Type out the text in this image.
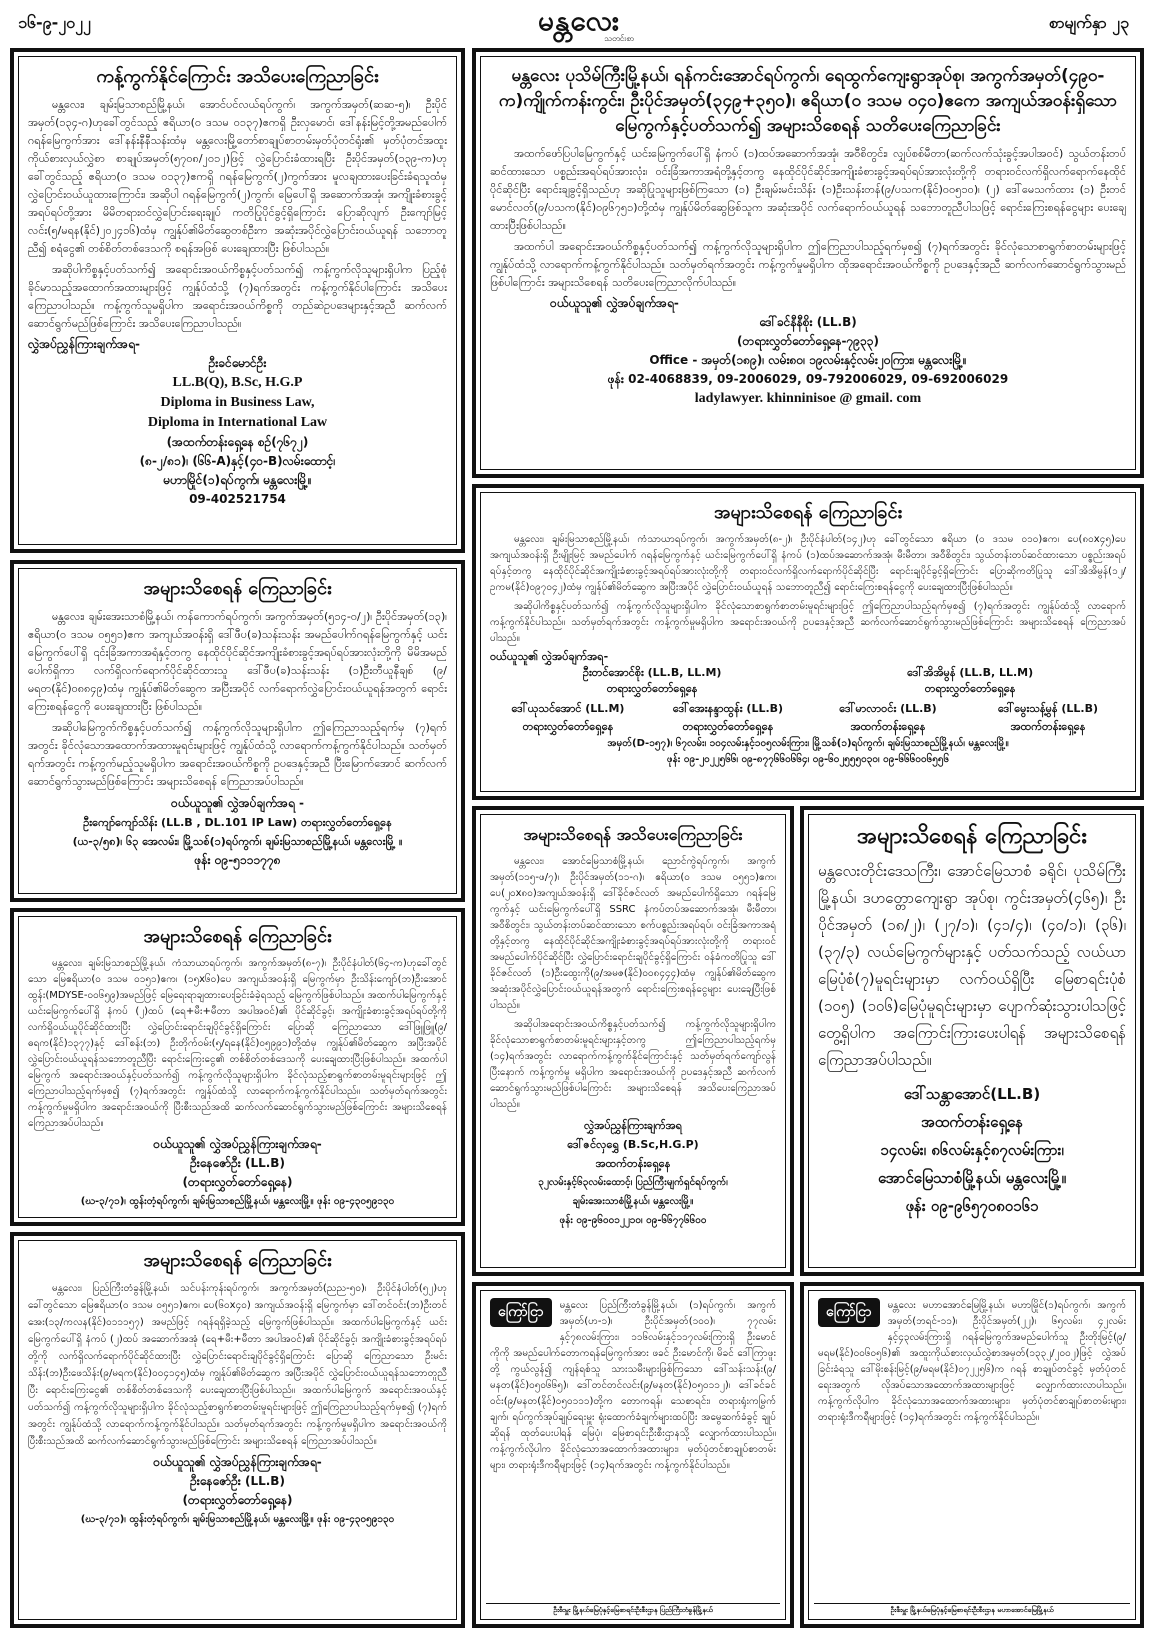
၁၆-၉-၂၀၂၂	မန္တလေး
သတင်းစာ
စာမျက်နှာ ၂၃
ကန့်ကွက်နိုင်ကြောင်း အသိပေးကြေညာခြင်း

မန္တလေး၊ ချမ်းမြသာစည်မြို့နယ်၊ အောင်ပင်လယ်ရပ်ကွက်၊ အကွက်အမှတ်(ဆဆ-၅)၊ ဦးပိုင်အမှတ်(၁၃၄-ဂ)ဟုခေါ်တွင်သည့် ဧရိယာ(၀ ဒသမ ၀၁၃၇)ဧကရှိ ဦးလှမောင်၊ ဒေါ်နန်းမြင့်တို့အမည်ပေါက် ဂရန်မြေကွက်အား ဒေါ်နန်းနီနီသန်းထံမှ မန္တလေးမြို့တော်စာချုပ်စာတမ်းမှတ်ပုံတင်ရုံး၏ မှတ်ပုံတင်အထူးကိုယ်စားလှယ်လွှဲစာ စာချုပ်အမှတ်(၅၇၀၈/၂၀၁၂)ဖြင့် လွှဲပြောင်းခံထားရပြီး ဦးပိုင်အမှတ်(၁၃၉-က)ဟုခေါ်တွင်သည့် ဧရိယာ(၀ ဒသမ ၀၁၃၇)ဧကရှိ ဂရန်မြေကွက်(၂)ကွက်အား မူလချထားပေးခြင်းခံရသူထံမှ လွှဲပြောင်းဝယ်ယူထားကြောင်း၊ အဆိုပါ ဂရန်မြေကွက်(၂)ကွက်၊ မြေပေါ်ရှိ အဆောက်အအုံ၊ အကျိုးခံစားခွင့်အရပ်ရပ်တို့အား မိမိတရားဝင်လွှဲပြောင်းရေးချုပ် ကတိပြုပိုင်ခွင့်ရှိကြောင်း ပြောဆိုလျက် ဦးကျော်မြင့်လင်း(၅/မရန(နိုင်)၂၀၂၄၁၆)ထံမှ ကျွန်ုပ်၏မိတ်ဆွေတစ်ဦးက အဆုံးအပိုင်လွှဲပြောင်းဝယ်ယူရန် သဘောတူညီ၍ စရံငွေ၏ တစ်စိတ်တစ်ဒေသကို စရန်အဖြစ် ပေးချေထားပြီး ဖြစ်ပါသည်။

အဆိုပါကိစ္စနှင့်ပတ်သက်၍ အရောင်းအဝယ်ကိစ္စနှင့်ပတ်သက်၍ ကန့်ကွက်လိုသူများရှိပါက ပြည့်စုံခိုင်မာသည့်အထောက်အထားများဖြင့် ကျွန်ုပ်ထံသို့ (၇)ရက်အတွင်း ကန့်ကွက်နိုင်ပါကြောင်း အသိပေးကြေညာပါသည်။ ကန့်ကွက်သူမရှိပါက အရောင်းအဝယ်ကိစ္စကို တည်ဆဲဥပဒေများနှင့်အညီ ဆက်လက်ဆောင်ရွက်မည်ဖြစ်ကြောင်း အသိပေးကြေညာပါသည်။

လွှဲအပ်ညွှန်ကြားချက်အရ-
ဦးခင်မောင်ဦး
LL.B(Q), B.Sc, H.G.P
Diploma in Business Law,
Diploma in International Law
(အထက်တန်းရှေ့နေ စဥ်(၇၆၇၂)
(၈-၂/၈၁)၊ (၆၆-A)နှင့်(၄၀-B)လမ်းထောင့်၊
မဟာမြိုင်(၁)ရပ်ကွက်၊ မန္တလေးမြို့။
09-402521754
မန္တလေး ပုသိမ်ကြီးမြို့နယ်၊ ရန်ကင်းအောင်ရပ်ကွက်၊ ရေထွက်ကျေးရွာအုပ်စု၊ အကွက်အမှတ်(၄၉၀-က)ကျိုက်ကန်းကွင်း၊ ဦးပိုင်အမှတ်(၃၄၉+၃၅၀)၊ ဧရိယာ(၀ ဒသမ ၀၄၀)ဧကေ အကျယ်အဝန်းရှိသော မြေကွက်နှင့်ပတ်သက်၍ အများသိစေရန် သတိပေးကြေညာခြင်း

အထက်ဖော်ပြပါမြေကွက်နှင့် ယင်းမြေကွက်ပေါ်ရှိ နံကပ် (၁)ထပ်အဆောက်အအုံ၊ အဝီစိတွင်း၊ လျှပ်စစ်မီတာ(ဆက်လက်သုံးခွင့်အပါအဝင်) သွယ်တန်းတပ်ဆင်ထားသော ပစ္စည်းအရပ်ရပ်အားလုံး၊ ဝင်းခြံအကာအရံတို့နှင့်တကွ နေထိုင်ပိုင်ဆိုင်အကျိုးခံစားခွင့်အရပ်ရပ်အားလုံးတို့ကို တရားဝင်လက်ရှိလက်ရောက်နေထိုင်ပိုင်ဆိုင်ပြီး ရောင်းချခွင့်ရှိသည်ဟု အဆိုပြုသူများဖြစ်ကြသော (၁) ဦးချမ်းမင်းသိန်း (၁)ဦးသန်းတန်(၉/ပသက(နိုင်)၀၀၅၁၀)၊ (၂) ဒေါ်မေသက်ထား (၁) ဦးတင်မောင်လတ်(၉/ပသက(နိုင်)၀၉၆၇၅၁)တို့ထံမှ ကျွန်ုပ်မိတ်ဆွေဖြစ်သူက အဆုံးအပိုင် လက်ရောက်ဝယ်ယူရန် သဘောတူညီပါသဖြင့် ရောင်းကြေးစရန်ငွေများ ပေးချေထားပြီးဖြစ်ပါသည်။

အထက်ပါ အရောင်းအဝယ်ကိစ္စနှင့်ပတ်သက်၍ ကန့်ကွက်လိုသူများရှိပါက ဤကြေညာပါသည့်ရက်မှစ၍ (၇)ရက်အတွင်း ခိုင်လုံသောစာရွက်စာတမ်းများဖြင့် ကျွန်ုပ်ထံသို့ လာရောက်ကန့်ကွက်နိုင်ပါသည်။ သတ်မှတ်ရက်အတွင်း ကန့်ကွက်မှုမရှိပါက ထိုအရောင်းအဝယ်ကိစ္စကို ဥပဒေနှင့်အညီ ဆက်လက်ဆောင်ရွက်သွားမည်ဖြစ်ပါကြောင်း အများသိစေရန် သတိပေးကြေညာလိုက်ပါသည်။

ဝယ်ယူသူ၏ လွှဲအပ်ချက်အရ-
ဒေါ်ခင်နီနီစိုး (LL.B)
(တရားလွှတ်တော်ရှေ့နေ-၇၉၃၃)
Office - အမှတ်(၁၈၉)၊ လမ်း၈၀၊ ၁၉လမ်းနှင့်လမ်း၂၀ကြား၊ မန္တလေးမြို့။
ဖုန်း 02-4068839, 09-2006029, 09-792006029, 09-692006029
ladylawyer. khinninisoe @ gmail. com
အများသိစေရန် ကြေညာခြင်း

မန္တလေး၊ ချမ်းအေးသာစံမြို့နယ်၊ ကန်ကောက်ရပ်ကွက်၊ အကွက်အမှတ်(၅၁၄-ဝ/၂)၊ ဦးပိုင်အမှတ်(၁၃)၊ ဧရိယာ(၀ ဒသမ ၀၅၅၁)ဧက အကျယ်အဝန်းရှိ ဒေါ်ဖီပ(ခ)သန်းသန်း အမည်ပေါက်ဂရန်မြေကွက်နှင့် ယင်းမြေကွက်ပေါ်ရှိ ၎င်းခြံအကာအရံနှင့်တကွ နေထိုင်ပိုင်ဆိုင်အကျိုးခံစားခွင့်အရပ်ရပ်အားလုံးတို့ကို မိမိအမည်ပေါက်ရှိကာ လက်ရှိလက်ရောက်ပိုင်ဆိုင်ထားသူ ဒေါ်ဖီပ(ခ)သန်းသန်း (၁)ဦးတီယူနီချစ် (၉/မရတ(နိုင်)၀၈၈၄၉)ထံမှ ကျွန်ုပ်၏မိတ်ဆွေက အပြီးအပိုင် လက်ရောက်လွှဲပြောင်းဝယ်ယူရန်အတွက် ရောင်းကြေးစရန်ငွေကို ပေးချေထားပြီး ဖြစ်ပါသည်။

အဆိုပါမြေကွက်ကိစ္စနှင့်ပတ်သက်၍ ကန့်ကွက်လိုသူများရှိပါက ဤကြေညာသည့်ရက်မှ (၇)ရက်အတွင်း ခိုင်လုံသောအထောက်အထားမူရင်းများဖြင့် ကျွန်ုပ်ထံသို့ လာရောက်ကန့်ကွက်နိုင်ပါသည်။ သတ်မှတ်ရက်အတွင်း ကန့်ကွက်မည့်သူမရှိပါက အရောင်းအဝယ်ကိစ္စကို ဥပဒေနှင့်အညီ ပြီးမြောက်အောင် ဆက်လက်ဆောင်ရွက်သွားမည်ဖြစ်ကြောင်း အများသိစေရန် ကြေညာအပ်ပါသည်။

ဝယ်ယူသူ၏ လွှဲအပ်ချက်အရ -
ဦးကျော်ကျော်သိန်း (LL.B , DL.101 IP Law) တရားလွှတ်တော်ရှေ့နေ
(ယ-၃/၅၈)၊ ၆၃ အေလမ်း၊ မြို့သစ်(၁)ရပ်ကွက်၊ ချမ်းမြသာစည်မြို့နယ်၊ မန္တလေးမြို့ ။
ဖုန်း ၀၉-၅၁၁၁၇၇၈
အများသိစေရန် ကြေညာခြင်း

မန္တလေး၊ ချမ်းမြသာစည်မြို့နယ်၊ ကံသာယာရပ်ကွက်၊ အကွက်အမှတ်(၈-၇)၊ ဦးပိုင်နံပါတ်(၆၄-က)ဟုခေါ်တွင်သော မြေဧရိယာ(၀ ဒသမ ၀၁၅၁)ဧက၊ (၁၅x၆၀)ပေ အကျယ်အဝန်းရှိ မြေကွက်မှာ ဦးသိန်းကျော်(ဘ)ဦးအောင်ထွန်း(MDYSE-၀၀၆၅၉)အမည်ဖြင့် မြေရေးရာချထားပေးခြင်းခံခဲ့ရသည့် မြေကွက်ဖြစ်ပါသည်။ အထက်ပါမြေကွက်နှင့် ယင်းမြေကွက်ပေါ်ရှိ နံကပ် (၂)ထပ် (ရေ+မီး+မီတာ အပါအဝင်)၏ ပိုင်ဆိုင်ခွင့်၊ အကျိုးခံစားခွင့်အရပ်ရပ်တို့ကို လက်ရှိဝယ်ယူပိုင်ဆိုင်ထားပြီး လွှဲပြောင်းရောင်းချပိုင်ခွင့်ရှိကြောင်း ပြောဆို ကြေညာသော ဒေါ်ဖြူဖြူ(၉/ဓရက(နိုင်)၁၃၇၇)နှင့် ဒေါ်စန်း(ဘ) ဦးတိုက်ဝမ်း(၅/ရနေ(နိုင်)၀၅၉၉၁)တို့ထံမှ ကျွန်ုပ်၏မိတ်ဆွေက အပြီးအပိုင် လွှဲပြောင်းဝယ်ယူရန်သဘောတူညီပြီး ရောင်းကြေးငွေ၏ တစ်စိတ်တစ်ဒေသကို ပေးချေထားပြီးဖြစ်ပါသည်။ အထက်ပါမြေကွက် အရောင်းအဝယ်နှင့်ပတ်သက်၍ ကန့်ကွက်လိုသူများရှိပါက ခိုင်လုံသည့်စာရွက်စာတမ်းမူရင်းများဖြင့် ဤကြေညာပါသည့်ရက်မှစ၍ (၇)ရက်အတွင်း ကျွန်ုပ်ထံသို့ လာရောက်ကန့်ကွက်နိုင်ပါသည်။ သတ်မှတ်ရက်အတွင်း ကန့်ကွက်မှုမရှိပါက အရောင်းအဝယ်ကို ပြီးစီးသည်အထိ ဆက်လက်ဆောင်ရွက်သွားမည်ဖြစ်ကြောင်း အများသိစေရန် ကြေညာအပ်ပါသည်။

ဝယ်ယူသူ၏ လွှဲအပ်ညွှန်ကြားချက်အရ-
ဦးနေဇော်ဦး (LL.B)
(တရားလွှတ်တော်ရှေ့နေ)
(ဃ-၃/၇၁)၊ ထွန်းတံ့ရပ်ကွက်၊ ချမ်းမြသာစည်မြို့နယ်၊ မန္တလေးမြို့။ ဖုန်း ၀၉-၄၃၀၅၉၁၃၀
အများသိစေရန် ကြေညာခြင်း

မန္တလေး၊ ပြည်ကြီးတံခွန်မြို့နယ်၊ သင်ပန်းကုန်းရပ်ကွက်၊ အကွက်အမှတ်(ညည-၅၀)၊ ဦးပိုင်နံပါတ်(၅၂)ဟုခေါ်တွင်သော မြေဧရိယာ(၀ ဒသမ ၀၅၅၁)ဧက၊ ပေ(၆၀x၄၀) အကျယ်အဝန်းရှိ မြေကွက်မှာ ဒေါ်တင်ဝင်း(ဘ)ဦးတင်အေး(၁၃/ကလန(နိုင်)၀၁၁၁၅၇) အမည်ဖြင့် ဂရန်ရရှိခဲ့သည့် မြေကွက်ဖြစ်ပါသည်။ အထက်ပါမြေကွက်နှင့် ယင်းမြေကွက်ပေါ်ရှိ နံကပ် (၂)ထပ် အဆောက်အအုံ (ရေ+မီး+မီတာ အပါအဝင်)၏ ပိုင်ဆိုင်ခွင့်၊ အကျိုးခံစားခွင့်အရပ်ရပ်တို့ကို လက်ရှိလက်ရောက်ပိုင်ဆိုင်ထားပြီး လွှဲပြောင်းရောင်းချပိုင်ခွင့်ရှိကြောင်း ပြောဆို ကြေညာသော ဦးမင်းသိန်း(ဘ)ဦးဖေသိန်း(၉/မရက(နိုင်)၀၀၄၁၄၅)ထံမှ ကျွန်ုပ်၏မိတ်ဆွေက အပြီးအပိုင် လွှဲပြောင်းဝယ်ယူရန်သဘောတူညီပြီး ရောင်းကြေးငွေ၏ တစ်စိတ်တစ်ဒေသကို ပေးချေထားပြီးဖြစ်ပါသည်။ အထက်ပါမြေကွက် အရောင်းအဝယ်နှင့်ပတ်သက်၍ ကန့်ကွက်လိုသူများရှိပါက ခိုင်လုံသည့်စာရွက်စာတမ်းမူရင်းများဖြင့် ဤကြေညာပါသည့်ရက်မှစ၍ (၇)ရက်အတွင်း ကျွန်ုပ်ထံသို့ လာရောက်ကန့်ကွက်နိုင်ပါသည်။ သတ်မှတ်ရက်အတွင်း ကန့်ကွက်မှုမရှိပါက အရောင်းအဝယ်ကို ပြီးစီးသည်အထိ ဆက်လက်ဆောင်ရွက်သွားမည်ဖြစ်ကြောင်း အများသိစေရန် ကြေညာအပ်ပါသည်။

ဝယ်ယူသူ၏ လွှဲအပ်ညွှန်ကြားချက်အရ-
ဦးနေဇော်ဦး (LL.B)
(တရားလွှတ်တော်ရှေ့နေ)
(ဃ-၃/၇၁)၊ ထွန်းတံ့ရပ်ကွက်၊ ချမ်းမြသာစည်မြို့နယ်၊ မန္တလေးမြို့။ ဖုန်း ၀၉-၄၃၀၅၉၁၃၀
အများသိစေရန် ကြေညာခြင်း

မန္တလေး၊ ချမ်းမြသာစည်မြို့နယ်၊ ကံသာယာရပ်ကွက်၊ အကွက်အမှတ်(၈-၂)၊ ဦးပိုင်နံပါတ်(၁၄၂)ဟု ခေါ်တွင်သော ဧရိယာ (၀ ဒသမ ၀၁၀)ဧက၊ ပေ(၈၀x၄၅)ပေ အကျယ်အဝန်းရှိ ဦးမျိုးမြင့် အမည်ပေါက် ဂရန်မြေကွက်နှင့် ယင်းမြေကွက်ပေါ်ရှိ နံကပ် (၁)ထပ်အဆောက်အအုံ၊ မီးမီတာ၊ အဝီစိတွင်း၊ သွယ်တန်းတပ်ဆင်ထားသော ပစ္စည်းအရပ်ရပ်နှင့်တကွ နေထိုင်ပိုင်ဆိုင်အကျိုးခံစားခွင့်အရပ်ရပ်အားလုံးတို့ကို တရားဝင်လက်ရှိလက်ရောက်ပိုင်ဆိုင်ပြီး ရောင်းချပိုင်ခွင့်ရှိကြောင်း ပြောဆိုကတိပြုသူ ဒေါ်အိအိမွန်(၁၂/ဥကမ(နိုင်)၀၉၇၀၄၂)ထံမှ ကျွန်ုပ်၏မိတ်ဆွေက အပြီးအပိုင် လွှဲပြောင်းဝယ်ယူရန် သဘောတူညီ၍ ရောင်းကြေးစရန်ငွေကို ပေးချေထားပြီးဖြစ်ပါသည်။

အဆိုပါကိစ္စနှင့်ပတ်သက်၍ ကန့်ကွက်လိုသူများရှိပါက ခိုင်လုံသောစာရွက်စာတမ်းမူရင်းများဖြင့် ဤကြေညာပါသည့်ရက်မှစ၍ (၇)ရက်အတွင်း ကျွန်ုပ်ထံသို့ လာရောက်ကန့်ကွက်နိုင်ပါသည်။ သတ်မှတ်ရက်အတွင်း ကန့်ကွက်မှုမရှိပါက အရောင်းအဝယ်ကို ဥပဒေနှင့်အညီ ဆက်လက်ဆောင်ရွက်သွားမည်ဖြစ်ကြောင်း အများသိစေရန် ကြေညာအပ်ပါသည်။

ဝယ်ယူသူ၏ လွှဲအပ်ချက်အရ-
ဦးတင်အောင်စိုး (LL.B, LL.M)
တရားလွှတ်တော်ရှေ့နေ
ဒေါ်အိအိမွန် (LL.B, LL.M)
တရားလွှတ်တော်ရှေ့နေ
ဒေါ်ယုသင်အောင် (LL.M)	ဒေါ်အေးနန္ဒာထွန်း (LL.B)	ဒေါ်မာလာဝင်း (LL.B)	ဒေါ်မွေးသန့်မွန် (LL.B)
တရားလွှတ်တော်ရှေ့နေ	တရားလွှတ်တော်ရှေ့နေ	အထက်တန်းရှေ့နေ	အထက်တန်းရှေ့နေ
အမှတ်(D-၁၅၇)၊ ၆၇လမ်း၊ ၁၀၄လမ်းနှင့်၁၀၅လမ်းကြား၊ မြို့သစ်(၁)ရပ်ကွက်၊ ချမ်းမြသာစည်မြို့နယ်၊ မန္တလေးမြို့။
ဖုန်း ၀၉-၂၀၂၂၅၆၆၊ ၀၉-၈၇၇၆၆၀၆၆၄၊ ၀၉-၆၀၂၅၅၅၀၃၀၊ ၀၉-၆၆၆၀၀၆၅၅၆
အများသိစေရန် အသိပေးကြေညာခြင်း

မန္တလေး၊ အောင်မြေသာစံမြို့နယ်၊ ညောင်ကွဲရပ်ကွက်၊ အကွက်အမှတ်(၁၁၅-ဖ/၇)၊ ဦးပိုင်အမှတ်(၁၁-ဂ)၊ ဧရိယာ(၀ ဒသမ ၀၅၅၁)ဧက၊ ပေ(၂၀x၈၀)အကျယ်အဝန်းရှိ ဒေါ်ခိုင်ဇင်လတ် အမည်ပေါက်ရှိသော ဂရန်မြေကွက်နှင့် ယင်းမြေကွက်ပေါ်ရှိ SSRC နံကပ်တပ်အဆောက်အအုံ၊ မီးမီတာ၊ အဝီစိတွင်း၊ သွယ်တန်းတပ်ဆင်ထားသော စက်ပစ္စည်းအရပ်ရပ်၊ ဝင်းခြံအကာအရံတို့နှင့်တကွ နေထိုင်ပိုင်ဆိုင်အကျိုးခံစားခွင့်အရပ်ရပ်အားလုံးတို့ကို တရားဝင်အမည်ပေါက်ပိုင်ဆိုင်ပြီး လွှဲပြောင်းရောင်းချပိုင်ခွင့်ရှိကြောင်း ဝန်ခံကတိပြုသူ ဒေါ်ခိုင်ဇင်လတ် (၁)ဦးထွေးကို(၉/အမဇ(နိုင်)၀၀၈၄၄၄)ထံမှ ကျွန်ုပ်၏မိတ်ဆွေက အဆုံးအပိုင်လွှဲပြောင်းဝယ်ယူရန်အတွက် ရောင်းကြေးစရန်ငွေများ ပေးချေပြီးဖြစ်ပါသည်။

အဆိုပါအရောင်းအဝယ်ကိစ္စနှင့်ပတ်သက်၍ ကန့်ကွက်လိုသူများရှိပါက ခိုင်လုံသောစာရွက်စာတမ်းမူရင်းများနှင့်တကွ ဤကြေညာပါသည့်ရက်မှ (၁၄)ရက်အတွင်း လာရောက်ကန့်ကွက်နိုင်ကြောင်းနှင့် သတ်မှတ်ရက်ကျော်လွန်ပြီးနောက် ကန့်ကွက်မှု မရှိပါက အရောင်းအဝယ်ကို ဥပဒေနှင့်အညီ ဆက်လက်ဆောင်ရွက်သွားမည်ဖြစ်ပါကြောင်း အများသိစေရန် အသိပေးကြေညာအပ်ပါသည်။

လွှဲအပ်ညွှန်ကြားချက်အရ
ဒေါ်ဇင်လှရွှေ (B.Sc,H.G.P)
အထက်တန်းရှေ့နေ
၃၂လမ်းနှင့်၆၃လမ်းထောင့်၊ ပြည်ကြီးမျက်ရှင်ရပ်ကွက်၊
ချမ်းအေးသာစံမြို့နယ်၊ မန္တလေးမြို့။
ဖုန်း ၀၉-၉၆၀၀၁၂၂၁၀၊ ၀၉-၆၆၇၇၆၆၀၀
အများသိစေရန် ကြေညာခြင်း
မန္တလေးတိုင်းဒေသကြီး၊ အောင်မြေသာစံ ခရိုင်၊ ပုသိမ်ကြီးမြို့နယ်၊ ဒဟတ္တောကျေးရွာ အုပ်စု၊ ကွင်းအမှတ်(၄၆၅)၊ ဦးပိုင်အမှတ် (၁၈/၂)၊ (၂၇/၁)၊ (၄၁/၄)၊ (၄၀/၁)၊ (၃၆)၊ (၃၇/၃) လယ်မြေကွက်များနှင့် ပတ်သက်သည့် လယ်ယာမြေပုံစံ(၇)မူရင်းများမှာ လက်ဝယ်ရှိပြီး မြေစာရင်းပုံစံ (၁၀၅) (၁၀၆)မြေပုံမူရင်းများမှာ ပျောက်ဆုံးသွားပါသဖြင့် တွေ့ရှိပါက အကြောင်းကြားပေးပါရန် အများသိစေရန် ကြေညာအပ်ပါသည်။
ဒေါ်သန္တာအောင်(LL.B)
အထက်တန်းရှေ့နေ
၁၄လမ်း၊ ၈၆လမ်းနှင့်၈၇လမ်းကြား၊
အောင်မြေသာစံမြို့နယ်၊ မန္တလေးမြို့။
ဖုန်း ၀၉-၉၆၅၇၀၈၀၁၆၁
ကြော်ငြာ	မန္တလေး ပြည်ကြီးတံခွန်မြို့နယ်၊ (၁)ရပ်ကွက်၊ အကွက်အမှတ်(ဟ-၁)၊ ဦးပိုင်အမှတ်(၁၀၀)၊ ၇၇လမ်းနှင့်၇၈လမ်းကြား၊ ၁၁၆လမ်းနှင့်၁၁၇လမ်းကြားရှိ ဦးမောင်ကိုကို အမည်ပေါက်တောကရန်မြေကွက်အား ဖခင် ဦးမောင်ကို၊ မိခင် ဒေါ်ကြာဖူးတို့ ကွယ်လွန်၍ ကျန်ရစ်သူ သားသမီးများဖြစ်ကြသော ဒေါ်သန်းသန်း(၉/မနတ(နိုင်)၀၅၀၆၆၅)၊ ဒေါ်တင်တင်လင်း(၉/မနတ(နိုင်)၀၅၀၁၁၂)၊ ဒေါ်ခင်ခင်ဝင်း(၉/မနတ(နိုင်)၀၅၀၁၁၁)တို့က တောကရန်၊ သေစာရင်း၊ တရားရုံးကမြွက်ချက်၊ ရပ်ကွက်အုပ်ချုပ်ရေးမှူး ရုံးထောက်ခံချက်များထပ်ပြီး အမွေဆက်ခံခွင့် ချုပ်ဆိုရန် ထုတ်ပေးပါရန် မြေပုံ၊ မြေစာရင်းဦးစီးဌာနသို့ လျှောက်ထားပါသည်။ ကန့်ကွက်လိုပါက ခိုင်လုံသောအထောက်အထားများ၊ မှတ်ပုံတင်စာချုပ်စာတမ်းများ၊ တရားရုံးဒီကရီများဖြင့် (၁၄)ရက်အတွင်း ကန့်ကွက်နိုင်ပါသည်။
ဦးစီးမှူး မြို့နယ်မြေပုံနှင့်မြေစာရင်းဦးစီးဌာန ပြည်ကြီးတံခွန်မြို့နယ်
ကြော်ငြာ	မန္တလေး မဟာအောင်မြေမြို့နယ်၊ မဟာမြိုင်(၁)ရပ်ကွက်၊ အကွက်အမှတ်(ဘရင်-၁၁)၊ ဦးပိုင်အမှတ်(၂၂)၊ ၆၅လမ်း၊ ၄၂လမ်းနှင့်၄၃လမ်းကြားရှိ ဂရန်မြေကွက်အမည်ပေါက်သူ ဦးတိုးမြင့်(၉/မရမ(နိုင်)၀၀၆၀၅၆)၏ အထူးကိုယ်စားလှယ်လွှဲစာအမှတ်(၁၃၃၂/၂၀၀၂)ဖြင့် လွှဲအပ်ခြင်းခံရသူ ဒေါ်မိုးစန်းမြင့်(၉/မရမ(နိုင်)၀၇၂၂၅၆)က ဂရန် စာချုပ်တင်ခွင့် မှတ်ပုံတင်ရေးအတွက် လိုအပ်သောအထောက်အထားများဖြင့် လျှောက်ထားလာပါသည်။ ကန့်ကွက်လိုပါက ခိုင်လုံသောအထောက်အထားများ၊ မှတ်ပုံတင်စာချုပ်စာတမ်းများ၊ တရားရုံးဒီကရီများဖြင့် (၁၄)ရက်အတွင်း ကန့်ကွက်နိုင်ပါသည်။
ဦးစီးမှူး မြို့နယ်မြေပုံနှင့်မြေစာရင်းဦးစီးဌာန မဟာအောင်မြေမြို့နယ်
